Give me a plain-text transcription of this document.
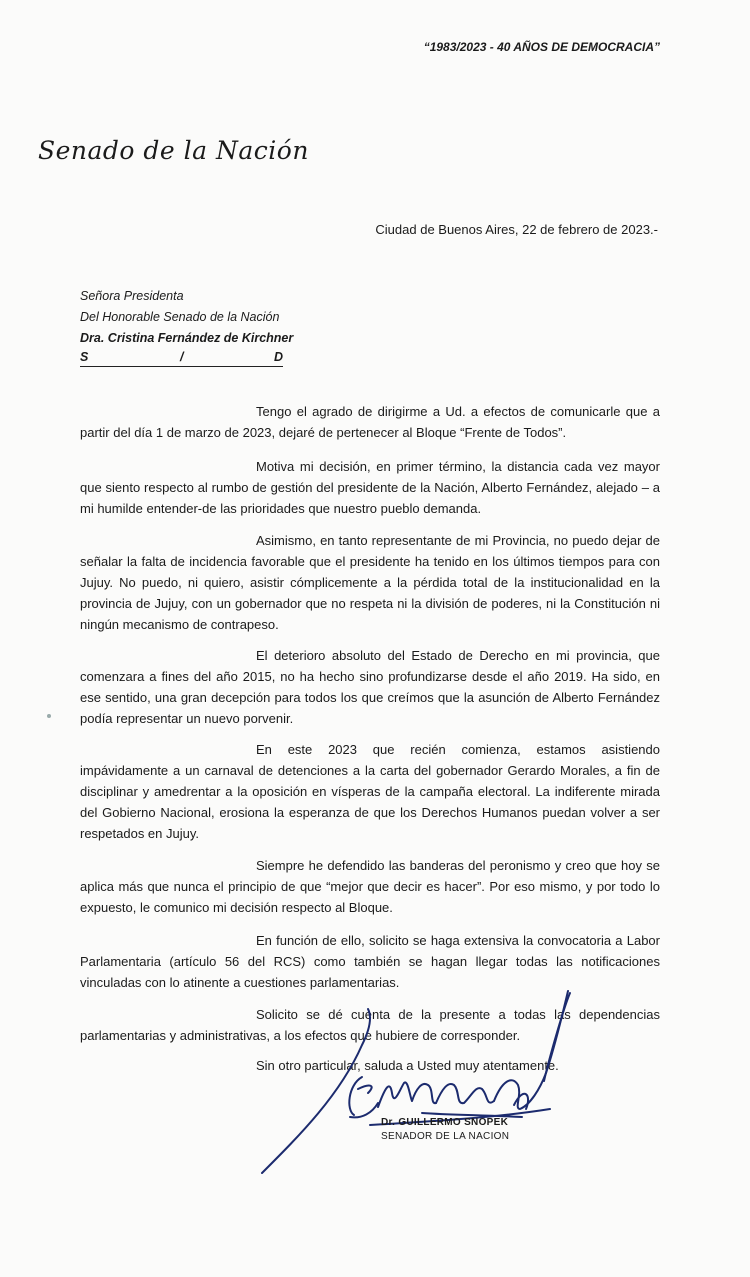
“1983/2023 - 40 AÑOS DE DEMOCRACIA”
Senado de la Nación
Ciudad de Buenos Aires, 22 de febrero de 2023.-
Señora Presidenta
Del Honorable Senado de la Nación
Dra. Cristina Fernández de Kirchner
S	/	D
Tengo el agrado de dirigirme a Ud. a efectos de comunicarle que a partir del día 1 de marzo de 2023, dejaré de pertenecer al Bloque “Frente de Todos”.
Motiva mi decisión, en primer término, la distancia cada vez mayor que siento respecto al rumbo de gestión del presidente de la Nación, Alberto Fernández, alejado – a mi humilde entender-de las prioridades que nuestro pueblo demanda.
Asimismo, en tanto representante de mi Provincia, no puedo dejar de señalar la falta de incidencia favorable que el presidente ha tenido en los últimos tiempos para con Jujuy. No puedo, ni quiero, asistir cómplicemente a la pérdida total de la institucionalidad en la provincia de Jujuy, con un gobernador que no respeta ni la división de poderes, ni la Constitución ni ningún mecanismo de contrapeso.
El deterioro absoluto del Estado de Derecho en mi provincia, que comenzara a fines del año 2015, no ha hecho sino profundizarse desde el año 2019. Ha sido, en ese sentido, una gran decepción para todos los que creímos que la asunción de Alberto Fernández podía representar un nuevo porvenir.
En este 2023 que recién comienza, estamos asistiendo impávidamente a un carnaval de detenciones a la carta del gobernador Gerardo Morales, a fin de disciplinar y amedrentar a la oposición en vísperas de la campaña electoral. La indiferente mirada del Gobierno Nacional, erosiona la esperanza de que los Derechos Humanos puedan volver a ser respetados en Jujuy.
Siempre he defendido las banderas del peronismo y creo que hoy se aplica más que nunca el principio de que “mejor que decir es hacer”. Por eso mismo, y por todo lo expuesto, le comunico mi decisión respecto al Bloque.
En función de ello, solicito se haga extensiva la convocatoria a Labor Parlamentaria (artículo 56 del RCS) como también se hagan llegar todas las notificaciones vinculadas con lo atinente a cuestiones parlamentarias.
Solicito se dé cuenta de la presente a todas las dependencias parlamentarias y administrativas, a los efectos que hubiere de corresponder.
Sin otro particular, saluda a Usted muy atentamente.
Dr. GUILLERMO SNOPEK
SENADOR DE LA NACION
